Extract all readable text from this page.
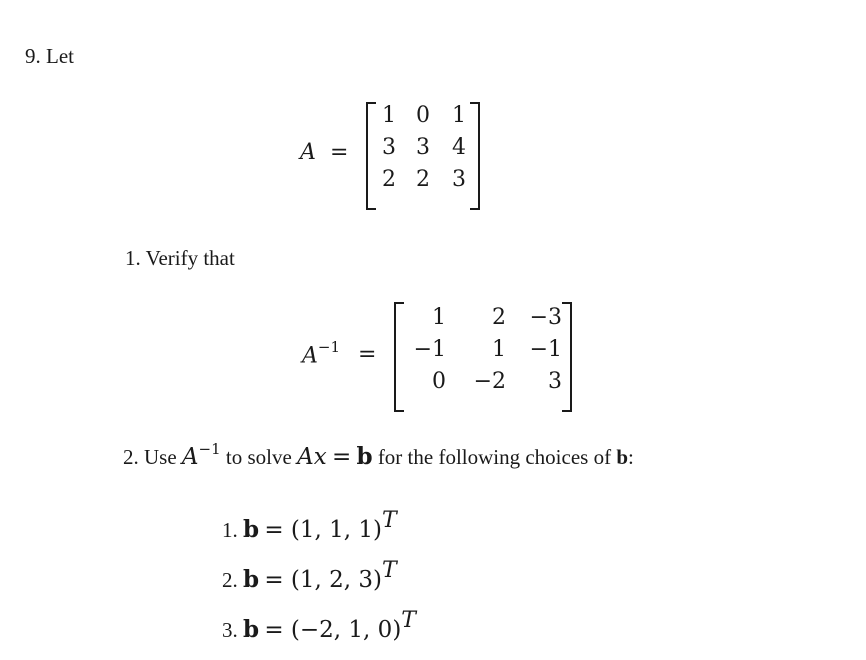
9. Let
A =
1 0	1
3 3	4
2 2	3
1. Verify that
$A^{-1}$ =
1	2	−3
−1	1	−1
0	−2	3
2. Use $A^{-1}$ to solve Ax = b for the following choices of b:
1. b = (1, 1, 1)$^T$
2. b = (1, 2, 3)$^T$
3. b = (−2, 1, 0)$^T$
